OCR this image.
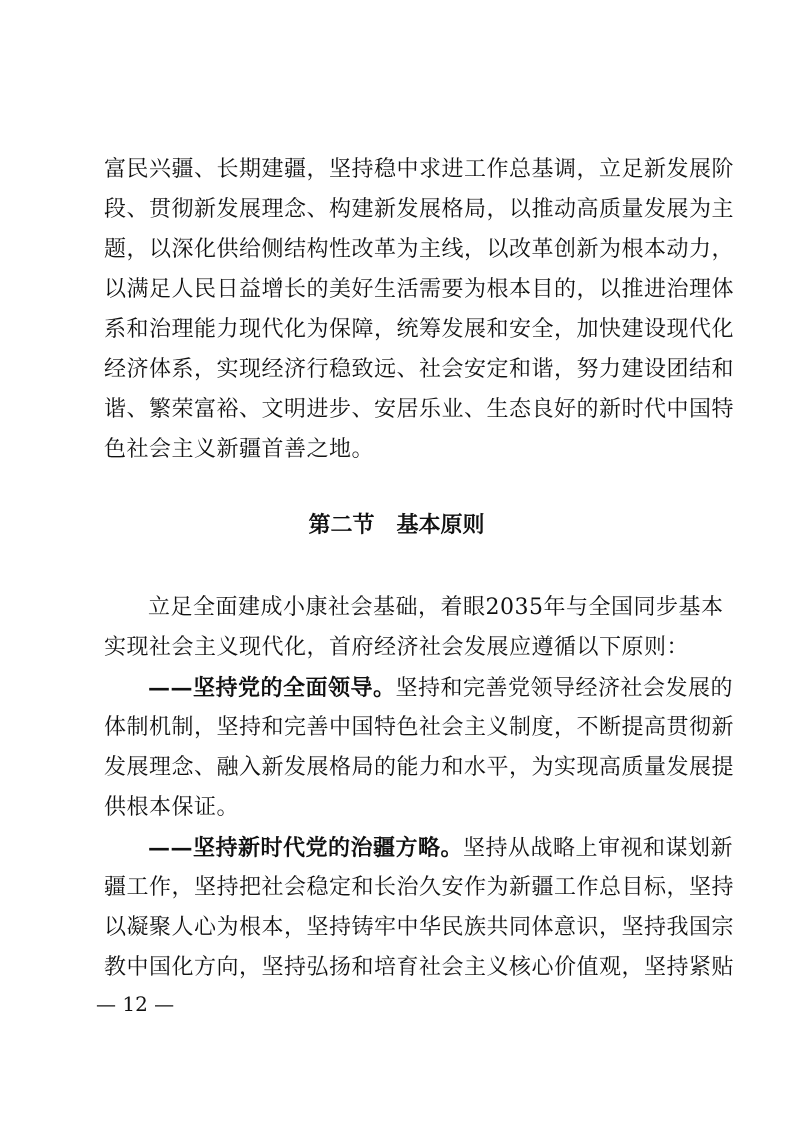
富民兴疆、长期建疆，坚持稳中求进工作总基调，立足新发展阶
段、贯彻新发展理念、构建新发展格局，以推动高质量发展为主
题，以深化供给侧结构性改革为主线，以改革创新为根本动力，
以满足人民日益增长的美好生活需要为根本目的，以推进治理体
系和治理能力现代化为保障，统筹发展和安全，加快建设现代化
经济体系，实现经济行稳致远、社会安定和谐，努力建设团结和
谐、繁荣富裕、文明进步、安居乐业、生态良好的新时代中国特
色社会主义新疆首善之地。
第二节　基本原则
立足全面建成小康社会基础，着眼2035年与全国同步基本
实现社会主义现代化，首府经济社会发展应遵循以下原则：
——坚持党的全面领导。坚持和完善党领导经济社会发展的
体制机制，坚持和完善中国特色社会主义制度，不断提高贯彻新
发展理念、融入新发展格局的能力和水平，为实现高质量发展提
供根本保证。
——坚持新时代党的治疆方略。坚持从战略上审视和谋划新
疆工作，坚持把社会稳定和长治久安作为新疆工作总目标，坚持
以凝聚人心为根本，坚持铸牢中华民族共同体意识，坚持我国宗
教中国化方向，坚持弘扬和培育社会主义核心价值观，坚持紧贴
— 12 —
